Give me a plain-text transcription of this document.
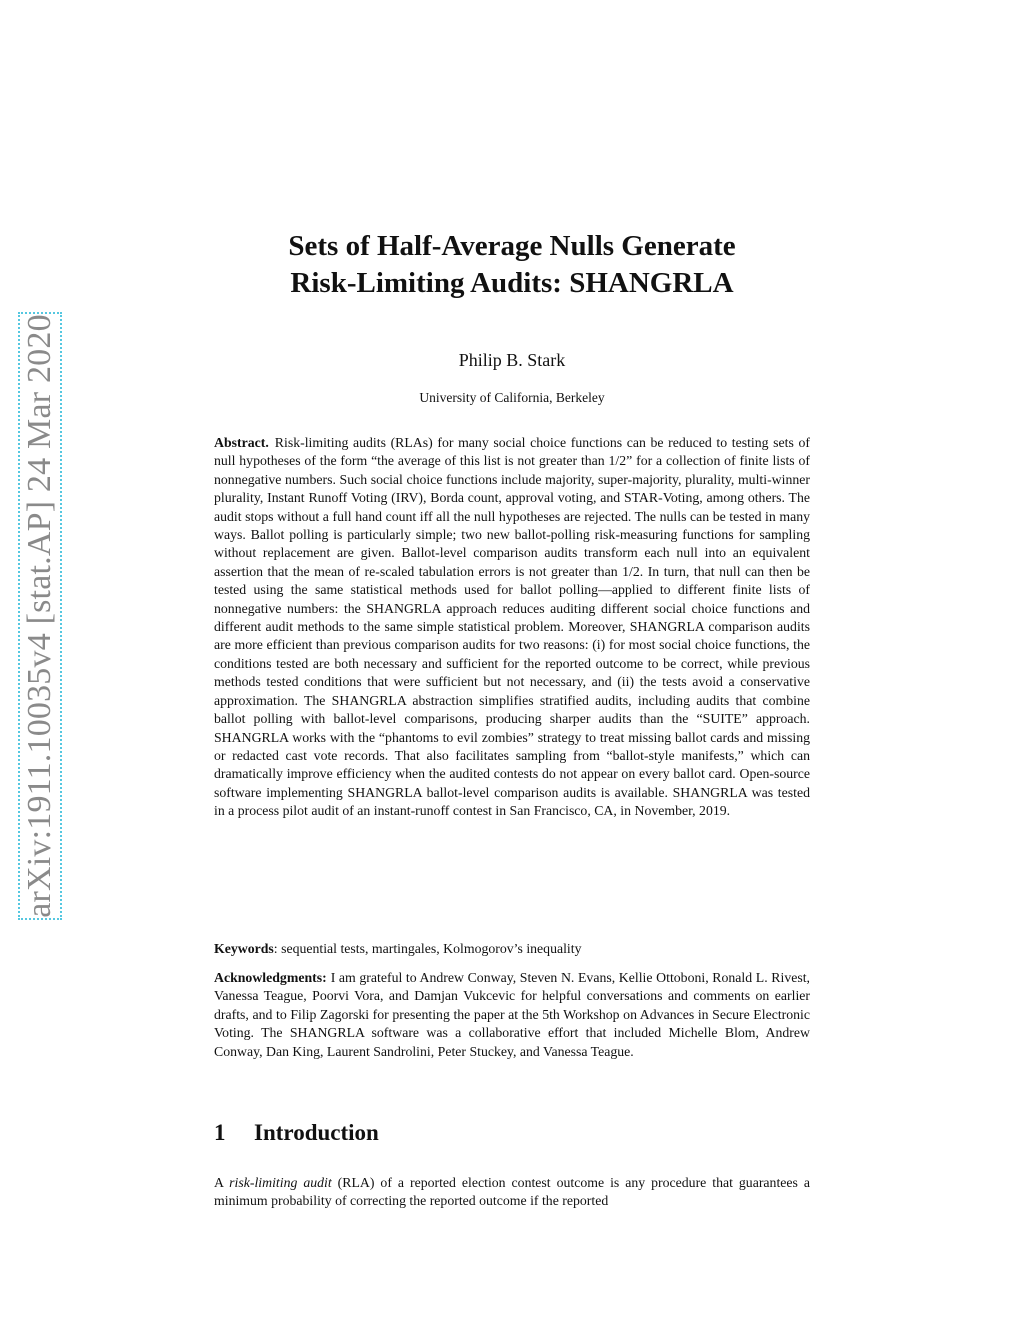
arXiv:1911.10035v4 [stat.AP] 24 Mar 2020
Sets of Half-Average Nulls Generate
Risk-Limiting Audits: SHANGRLA
Philip B. Stark
University of California, Berkeley
Abstract. Risk-limiting audits (RLAs) for many social choice functions can be reduced to testing sets of null hypotheses of the form “the average of this list is not greater than 1/2” for a collection of finite lists of nonnegative numbers. Such social choice functions include majority, super-majority, plurality, multi-winner plurality, Instant Runoff Voting (IRV), Borda count, approval voting, and STAR-Voting, among others. The audit stops without a full hand count iff all the null hypotheses are rejected. The nulls can be tested in many ways. Ballot polling is particularly simple; two new ballot-polling risk-measuring functions for sampling without replacement are given. Ballot-level comparison audits transform each null into an equivalent assertion that the mean of re-scaled tabulation errors is not greater than 1/2. In turn, that null can then be tested using the same statistical methods used for ballot polling—applied to different finite lists of nonnegative numbers: the SHANGRLA approach reduces auditing different social choice functions and different audit methods to the same simple statistical problem. Moreover, SHANGRLA comparison audits are more efficient than previous comparison audits for two reasons: (i) for most social choice functions, the conditions tested are both necessary and sufficient for the reported outcome to be correct, while previous methods tested conditions that were sufficient but not necessary, and (ii) the tests avoid a conservative approximation. The SHANGRLA abstraction simplifies stratified audits, including audits that combine ballot polling with ballot-level comparisons, producing sharper audits than the “SUITE” approach. SHANGRLA works with the “phantoms to evil zombies” strategy to treat missing ballot cards and missing or redacted cast vote records. That also facilitates sampling from “ballot-style manifests,” which can dramatically improve efficiency when the audited contests do not appear on every ballot card. Open-source software implementing SHANGRLA ballot-level comparison audits is available. SHANGRLA was tested in a process pilot audit of an instant-runoff contest in San Francisco, CA, in November, 2019.
Keywords: sequential tests, martingales, Kolmogorov’s inequality
Acknowledgments: I am grateful to Andrew Conway, Steven N. Evans, Kellie Ottoboni, Ronald L. Rivest, Vanessa Teague, Poorvi Vora, and Damjan Vukcevic for helpful conversations and comments on earlier drafts, and to Filip Zagorski for presenting the paper at the 5th Workshop on Advances in Secure Electronic Voting. The SHANGRLA software was a collaborative effort that included Michelle Blom, Andrew Conway, Dan King, Laurent Sandrolini, Peter Stuckey, and Vanessa Teague.
1 Introduction
A risk-limiting audit (RLA) of a reported election contest outcome is any procedure that guarantees a minimum probability of correcting the reported outcome if the reported
